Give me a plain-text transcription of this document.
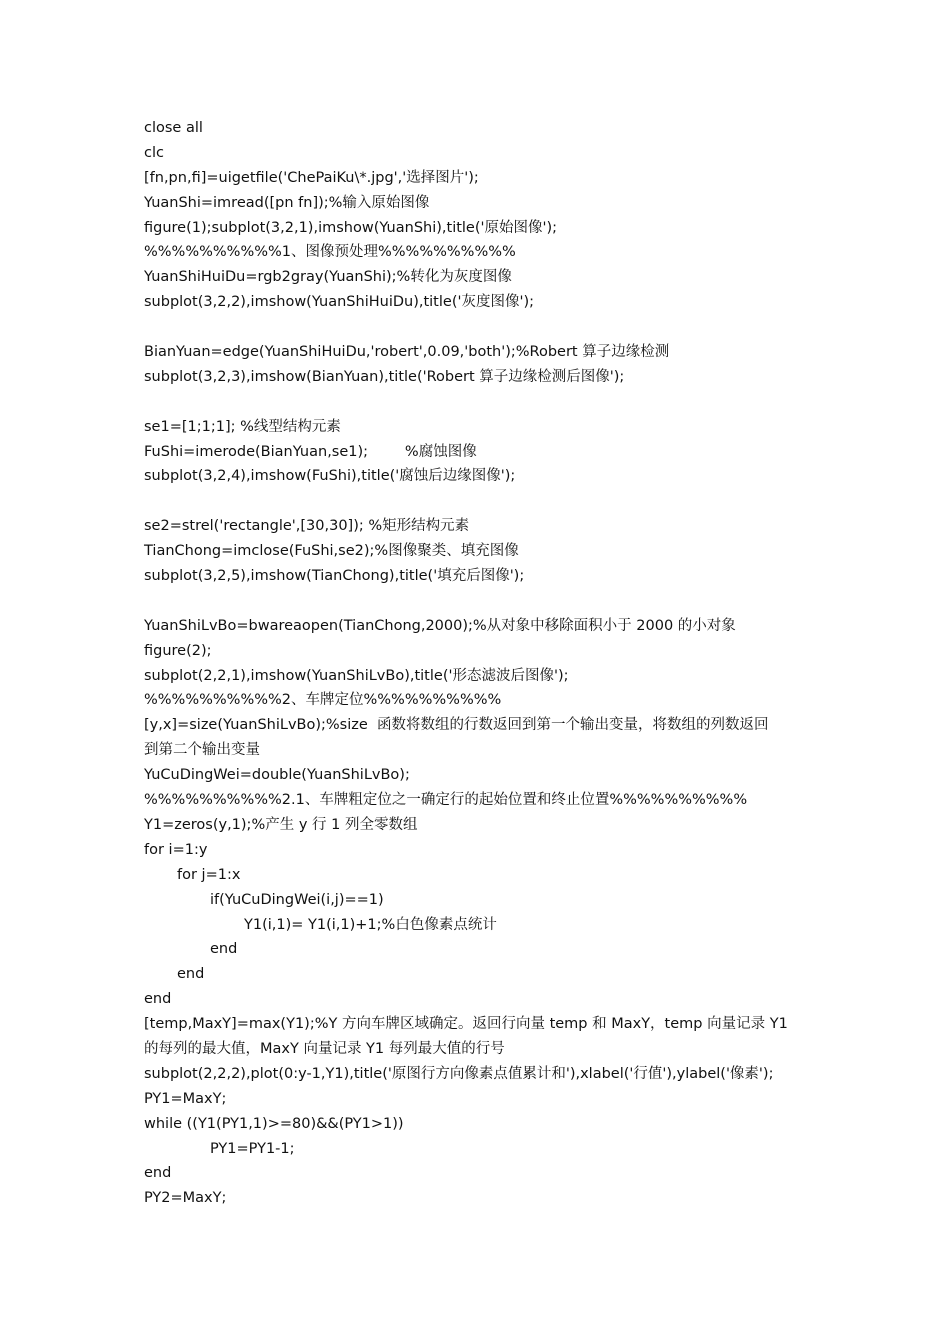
close all
clc
[fn,pn,fi]=uigetfile('ChePaiKu\*.jpg','选择图片');
YuanShi=imread([pn fn]);%输入原始图像
figure(1);subplot(3,2,1),imshow(YuanShi),title('原始图像');
%%%%%%%%%%1、图像预处理%%%%%%%%%%
YuanShiHuiDu=rgb2gray(YuanShi);%转化为灰度图像
subplot(3,2,2),imshow(YuanShiHuiDu),title('灰度图像');
BianYuan=edge(YuanShiHuiDu,'robert',0.09,'both');%Robert 算子边缘检测
subplot(3,2,3),imshow(BianYuan),title('Robert 算子边缘检测后图像');
se1=[1;1;1]; %线型结构元素
FuShi=imerode(BianYuan,se1);        %腐蚀图像
subplot(3,2,4),imshow(FuShi),title('腐蚀后边缘图像');
se2=strel('rectangle',[30,30]); %矩形结构元素
TianChong=imclose(FuShi,se2);%图像聚类、填充图像
subplot(3,2,5),imshow(TianChong),title('填充后图像');
YuanShiLvBo=bwareaopen(TianChong,2000);%从对象中移除面积小于 2000 的小对象
figure(2);
subplot(2,2,1),imshow(YuanShiLvBo),title('形态滤波后图像');
%%%%%%%%%%2、车牌定位%%%%%%%%%%
[y,x]=size(YuanShiLvBo);%size  函数将数组的行数返回到第一个输出变量，将数组的列数返回
到第二个输出变量
YuCuDingWei=double(YuanShiLvBo);
%%%%%%%%%%2.1、车牌粗定位之一确定行的起始位置和终止位置%%%%%%%%%%
Y1=zeros(y,1);%产生 y 行 1 列全零数组
for i=1:y
for j=1:x
if(YuCuDingWei(i,j)==1)
Y1(i,1)= Y1(i,1)+1;%白色像素点统计
end
end
end
[temp,MaxY]=max(Y1);%Y 方向车牌区域确定。返回行向量 temp 和 MaxY，temp 向量记录 Y1
的每列的最大值，MaxY 向量记录 Y1 每列最大值的行号
subplot(2,2,2),plot(0:y-1,Y1),title('原图行方向像素点值累计和'),xlabel('行值'),ylabel('像素');
PY1=MaxY;
while ((Y1(PY1,1)>=80)&&(PY1>1))
PY1=PY1-1;
end
PY2=MaxY;
